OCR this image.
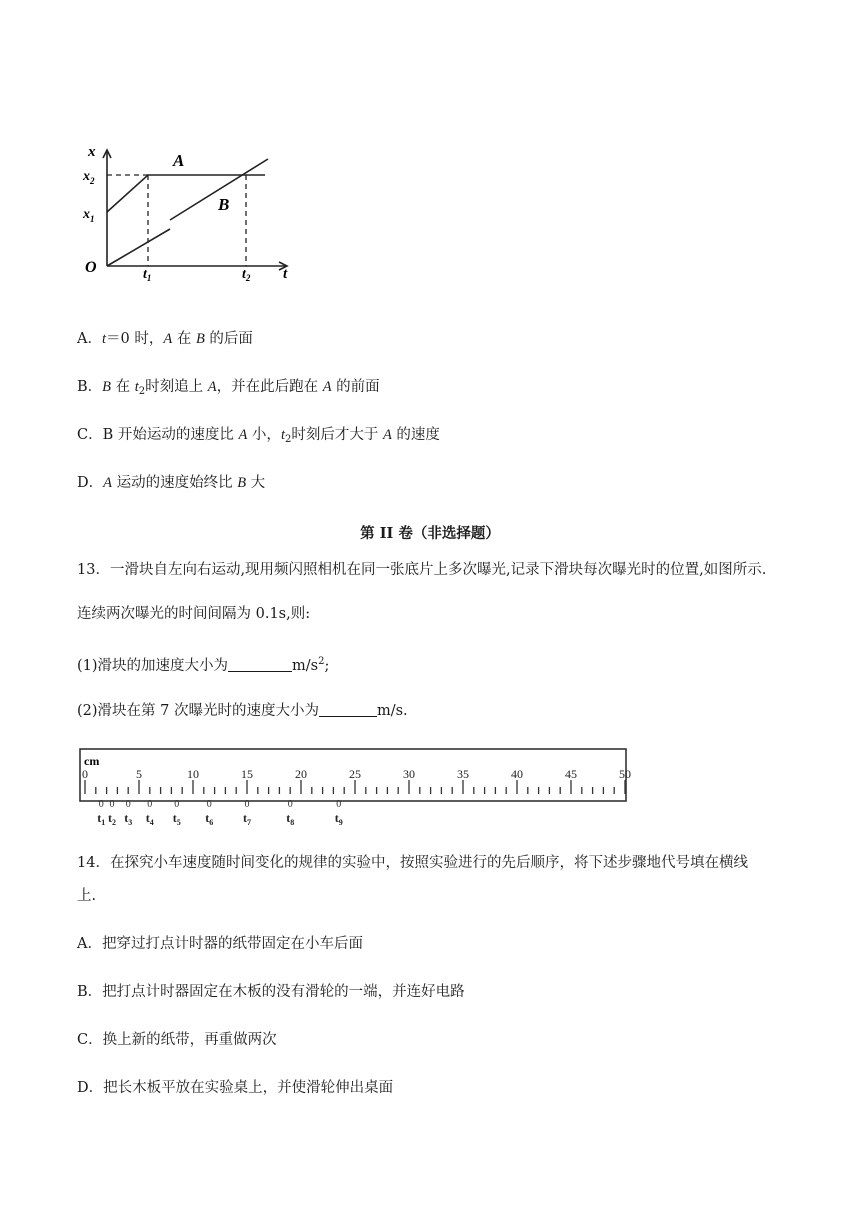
x
$x_2$
$x_1$
O	$t_1$	$t_2$ t
A
B
A．t＝0 时，A 在 B 的后面
B．B 在 $t_2$时刻追上 A，并在此后跑在 A 的前面
C．B 开始运动的速度比 A 小，$t_2$时刻后才大于 A 的速度
D．A 运动的速度始终比 B 大
第 II 卷（非选择题）
13．一滑块自左向右运动,现用频闪照相机在同一张底片上多次曝光,记录下滑块每次曝光时的位置,如图所示.
连续两次曝光的时间间隔为 0.1s,则:
(1)滑块的加速度大小为	$m/s^2$;
(2)滑块在第 7 次曝光时的速度大小为	m/s.
cm
0	5	10	15	20	25	30	35	40	45	50
$t_1$
0
$t_2$
0
$t_3$
0
$t_4$
0
$t_5$
0
$t_6$
0
$t_7$
0
$t_8$
0
$t_9$
0
14．在探究小车速度随时间变化的规律的实验中，按照实验进行的先后顺序，将下述步骤地代号填在横线
上.
A．把穿过打点计时器的纸带固定在小车后面
B．把打点计时器固定在木板的没有滑轮的一端，并连好电路
C．换上新的纸带，再重做两次
D．把长木板平放在实验桌上，并使滑轮伸出桌面
